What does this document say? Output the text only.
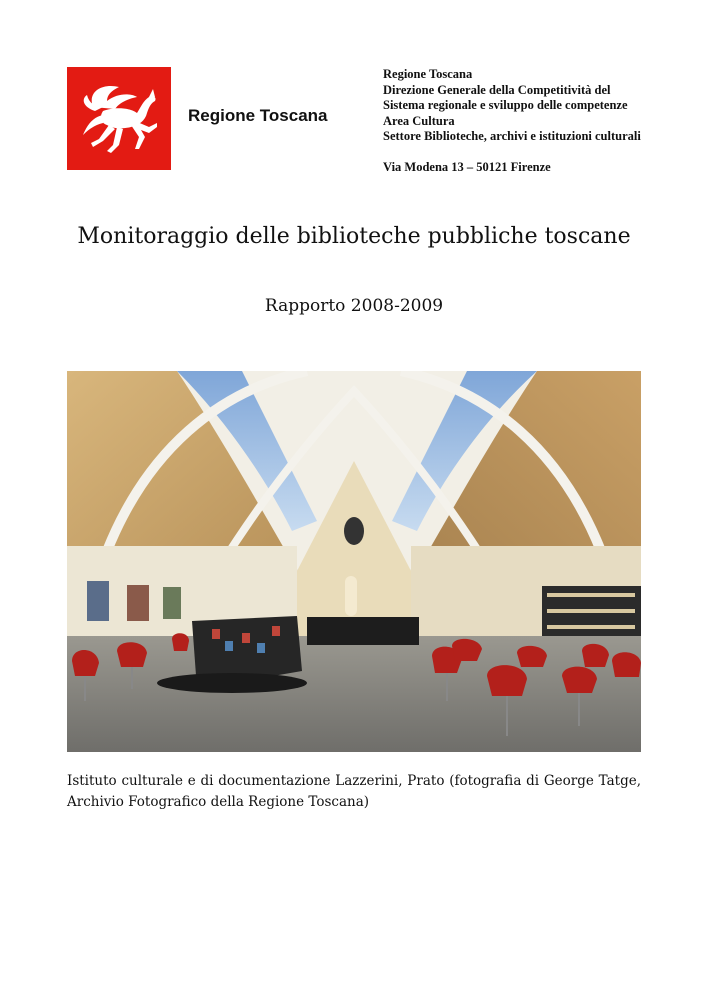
Regione Toscana
Regione Toscana
Direzione Generale della Competitività del
Sistema regionale e sviluppo delle competenze
Area Cultura
Settore Biblioteche, archivi e istituzioni culturali
Via Modena 13 – 50121 Firenze
Monitoraggio delle biblioteche pubbliche toscane
Rapporto 2008-2009
Istituto culturale e di documentazione Lazzerini, Prato (fotografia di George Tatge, Archivio Fotografico della Regione Toscana)
